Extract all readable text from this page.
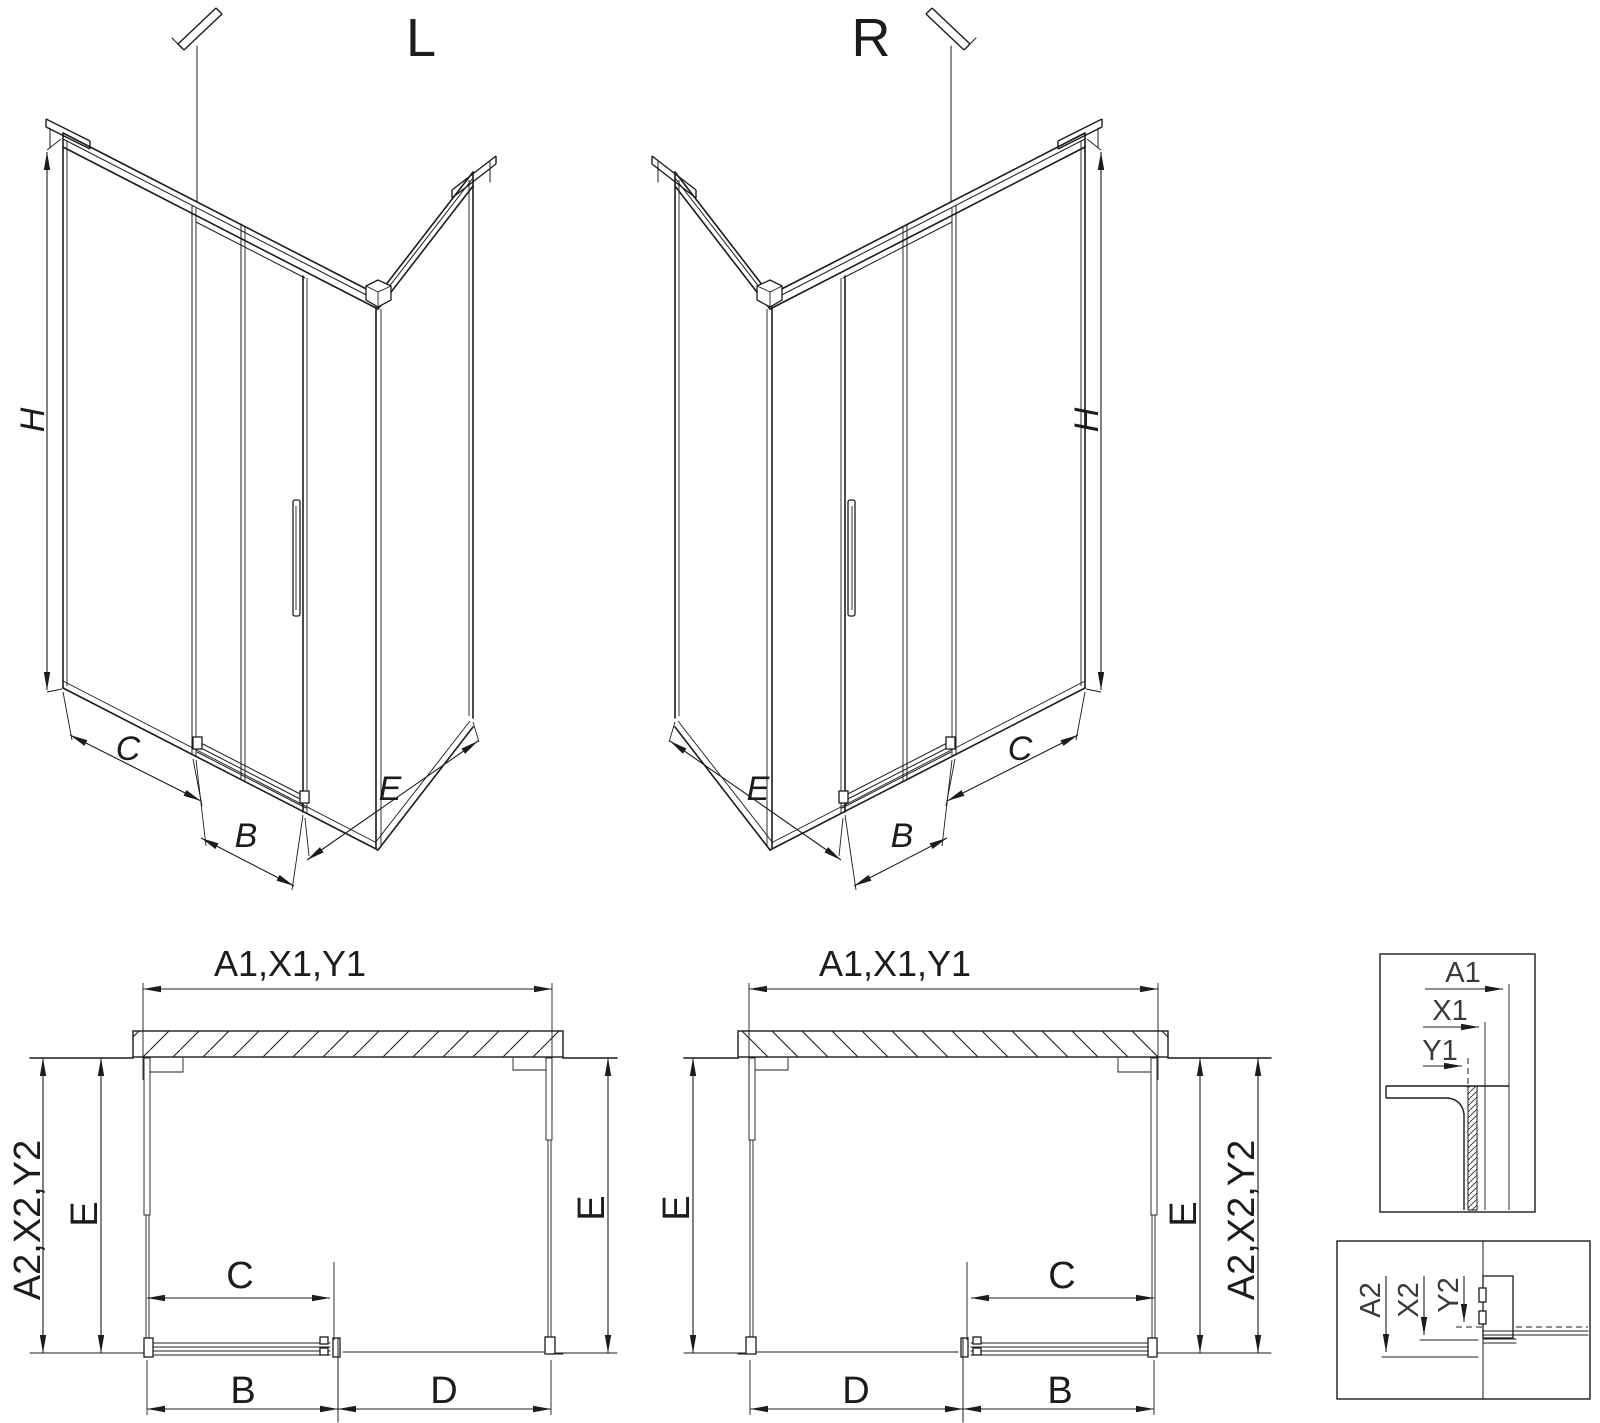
L
H
C
B
E
R
H
C
B
E
A1,X1,Y1
A2,X2,Y2 E	E
C
B	D
A1,X1,Y1
A2,X2,Y2
E
E
C
B
D
A1
X1
Y1
A2 X2 Y2
